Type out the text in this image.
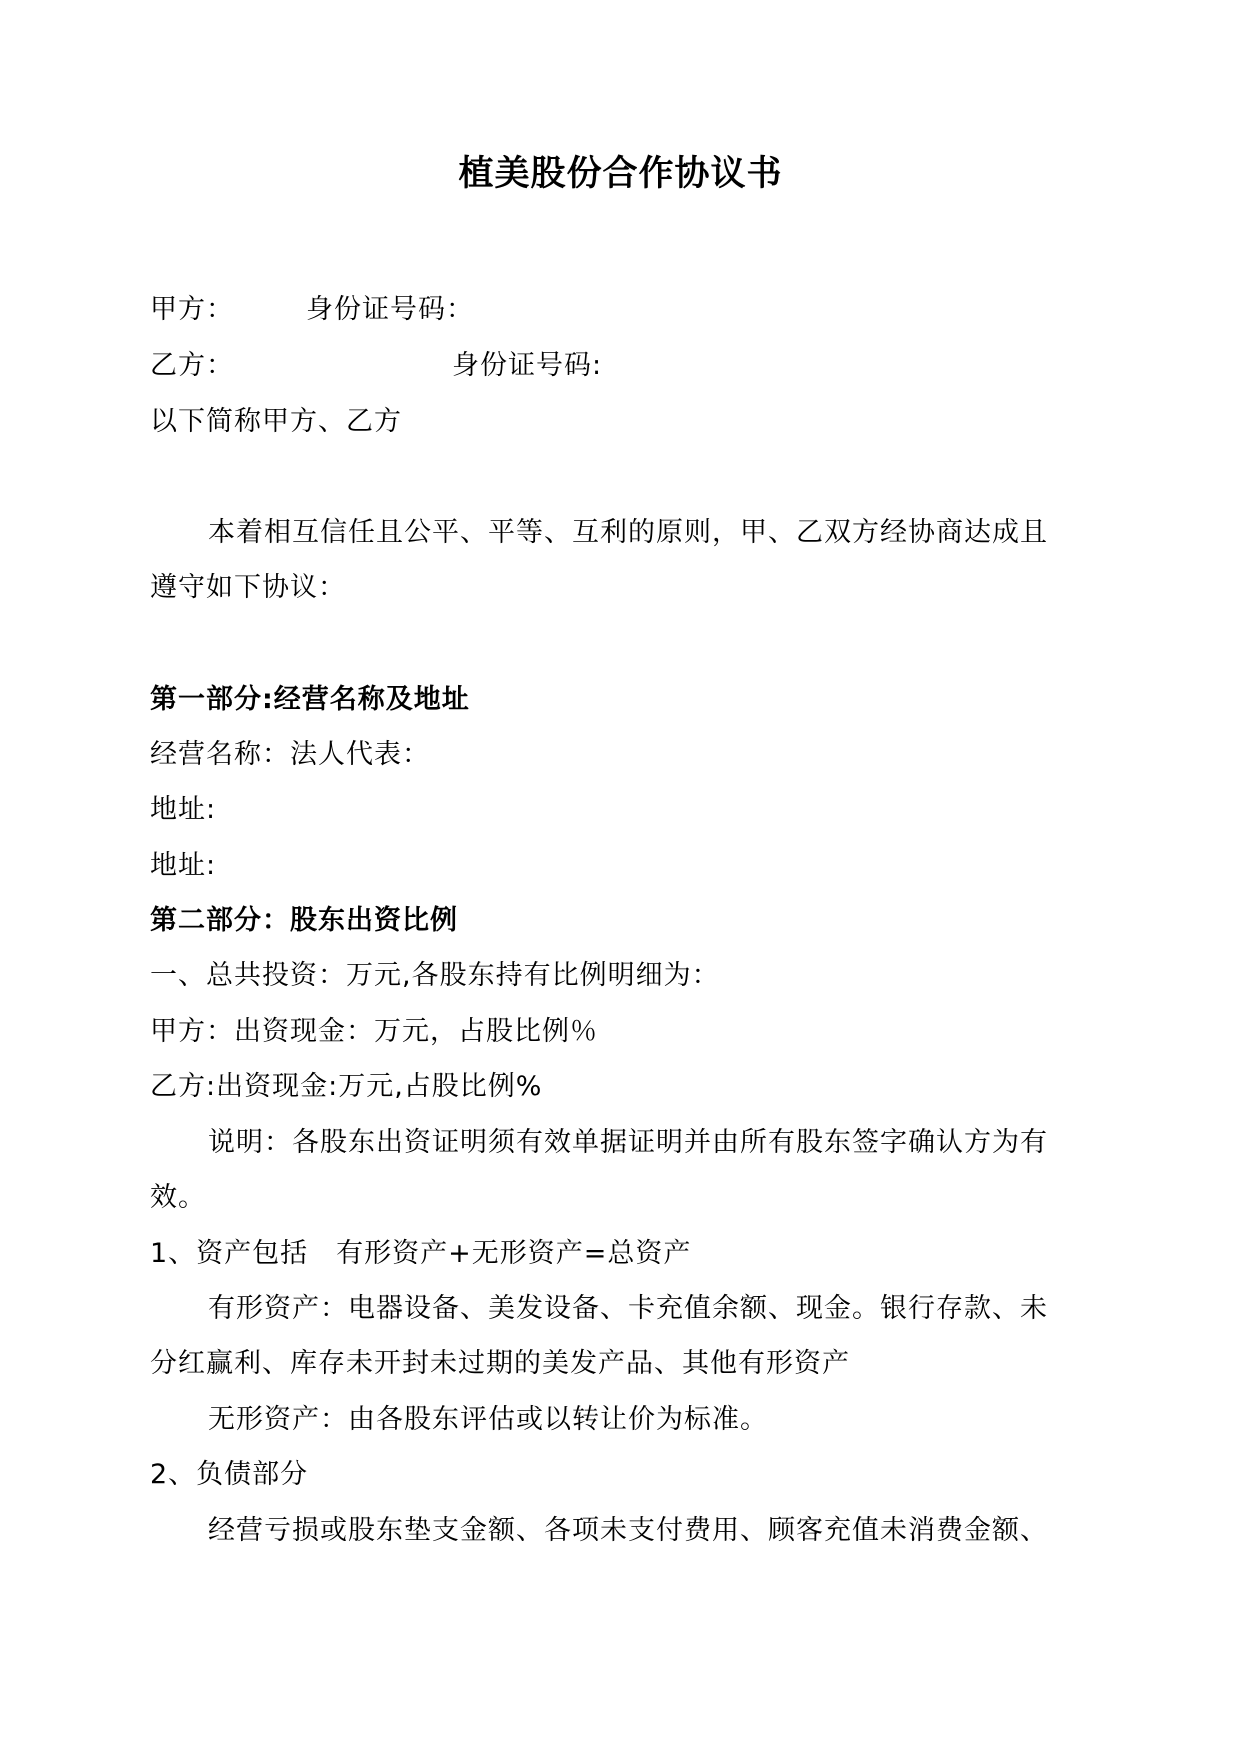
植美股份合作协议书
甲方：	身份证号码：
乙方：	身份证号码:
以下简称甲方、乙方
本着相互信任且公平、平等、互利的原则，甲、乙双方经协商达成且
遵守如下协议：
第一部分:经营名称及地址
经营名称：法人代表：
地址:
地址:
第二部分：股东出资比例
一、总共投资：万元,各股东持有比例明细为：
甲方：出资现金：万元，占股比例％
乙方:出资现金:万元,占股比例%
说明：各股东出资证明须有效单据证明并由所有股东签字确认方为有
效。
1、资产包括　有形资产+无形资产=总资产
有形资产：电器设备、美发设备、卡充值余额、现金。银行存款、未
分红赢利、库存未开封未过期的美发产品、其他有形资产
无形资产：由各股东评估或以转让价为标准。
2、负债部分
经营亏损或股东垫支金额、各项未支付费用、顾客充值未消费金额、
